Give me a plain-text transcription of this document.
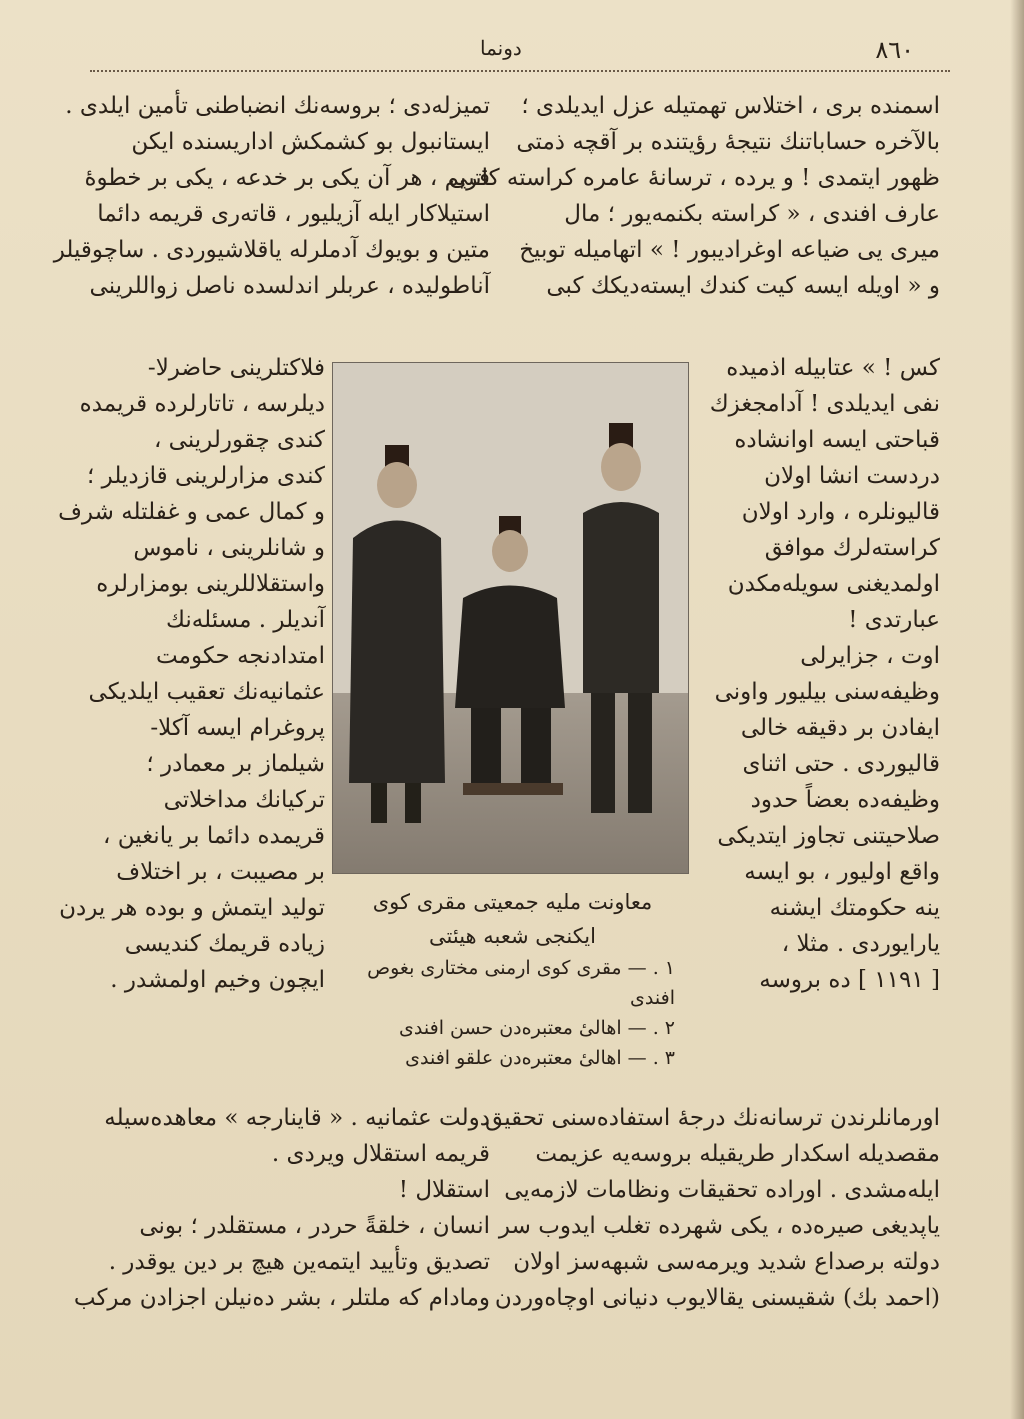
دونما	٨٦٠
اسمنده بری ، اختلاس تهمتیله عزل ایدیلدی ؛
بالآخره حساباتنك نتیجهٔ رؤیتنده بر آقچه ذمتی
ظهور ایتمدی ! و یرده ، ترسانهٔ عامره کراسته کاتبی
عارف افندی ، « کراسته بکنمه‌یور ؛ مال
میری یی ضیاعه اوغرادیبور ! » اتهامیله توبیخ
و « اویله ایسه کیت کندك ایسته‌دیکك کبی
تمیزله‌دی ؛ بروسه‌نك انضباطنی تأمین ایلدی .
ایستانبول بو کشمکش اداریسنده ایکن
قریم ، هر آن یکی بر خدعه ، یکی بر خطوهٔ
استیلاکار ایله آزیلیور ، قاته‌ری قریمه دائما
متین و بویوك آدملرله یاقلاشیوردی . ساچوقیلر
آناطولیده ، عربلر اندلسده ناصل زواللرینی
کس ! » عتابیله اذمیده
نفی ایدیلدی ! آدامجغزك
قباحتی ایسه اوانشاده
دردست انشا اولان
قالیونلره ، وارد اولان
کراسته‌لرك موافق
اولمدیغنی سویله‌مکدن
عبارتدی !
اوت ، جزایرلی
وظیفه‌سنی بیلیور واونی
ایفادن بر دقیقه خالی
قالیوردی . حتی اثنای
وظیفه‌ده بعضاً حدود
صلاحیتنی تجاوز ایتدیکی
واقع اولیور ، بو ایسه
ینه حکومتك ایشنه
یارایوردی . مثلا ،
[ ١١٩١ ] ده بروسه
فلاکتلرینی حاضرلا-
دیلرسه ، تاتارلرده قریمده
کندی چقورلرینی ،
کندی مزارلرینی قازدیلر ؛
و کمال عمی و غفلتله شرف
و شانلرینی ، ناموس
واستقلاللرینی بومزارلره
آندیلر . مسئله‌نك
امتدادنجه حکومت
عثمانیه‌نك تعقیب ایلدیکی
پروغرام ایسه آکلا-
شیلماز بر معمادر ؛
ترکیانك مداخلاتی
قریمده دائما بر یانغین ،
بر مصیبت ، بر اختلاف
تولید ایتمش و بوده هر یردن
زیاده قریمك کندیسی
ایچون وخیم اولمشدر .
معاونت ملیه جمعیتی مقری کوی
ایکنجی شعبه هیئتی
١ . — مقری کوی ارمنی مختاری بغوص افندی
٢ . — اهالیٔ معتبره‌دن حسن افندی
٣ . — اهالیٔ معتبره‌دن علقو افندی
اورمانلرندن ترسانه‌نك درجهٔ استفاده‌سنی تحقیق
مقصدیله اسکدار طریقیله بروسه‌یه عزیمت
ایله‌مشدی . اوراده تحقیقات ونظامات لازمه‌یی
یاپدیغی صیره‌ده ، یکی شهرده تغلب ایدوب سر
دولته برصداع شدید ویرمه‌سی شبهه‌سز اولان
(احمد بك) شقیسنی یقالایوب دنیانی اوچاه‌وردن
دولت عثمانیه . « قاینارجه » معاهده‌سیله
قریمه استقلال ویردی .
استقلال !
انسان ، خلقةً حردر ، مستقلدر ؛ بونی
تصدیق وتأیید ایتمه‌ین هیچ بر دین یوقدر .
ومادام که ملتلر ، بشر ده‌نیلن اجزادن مرکب
